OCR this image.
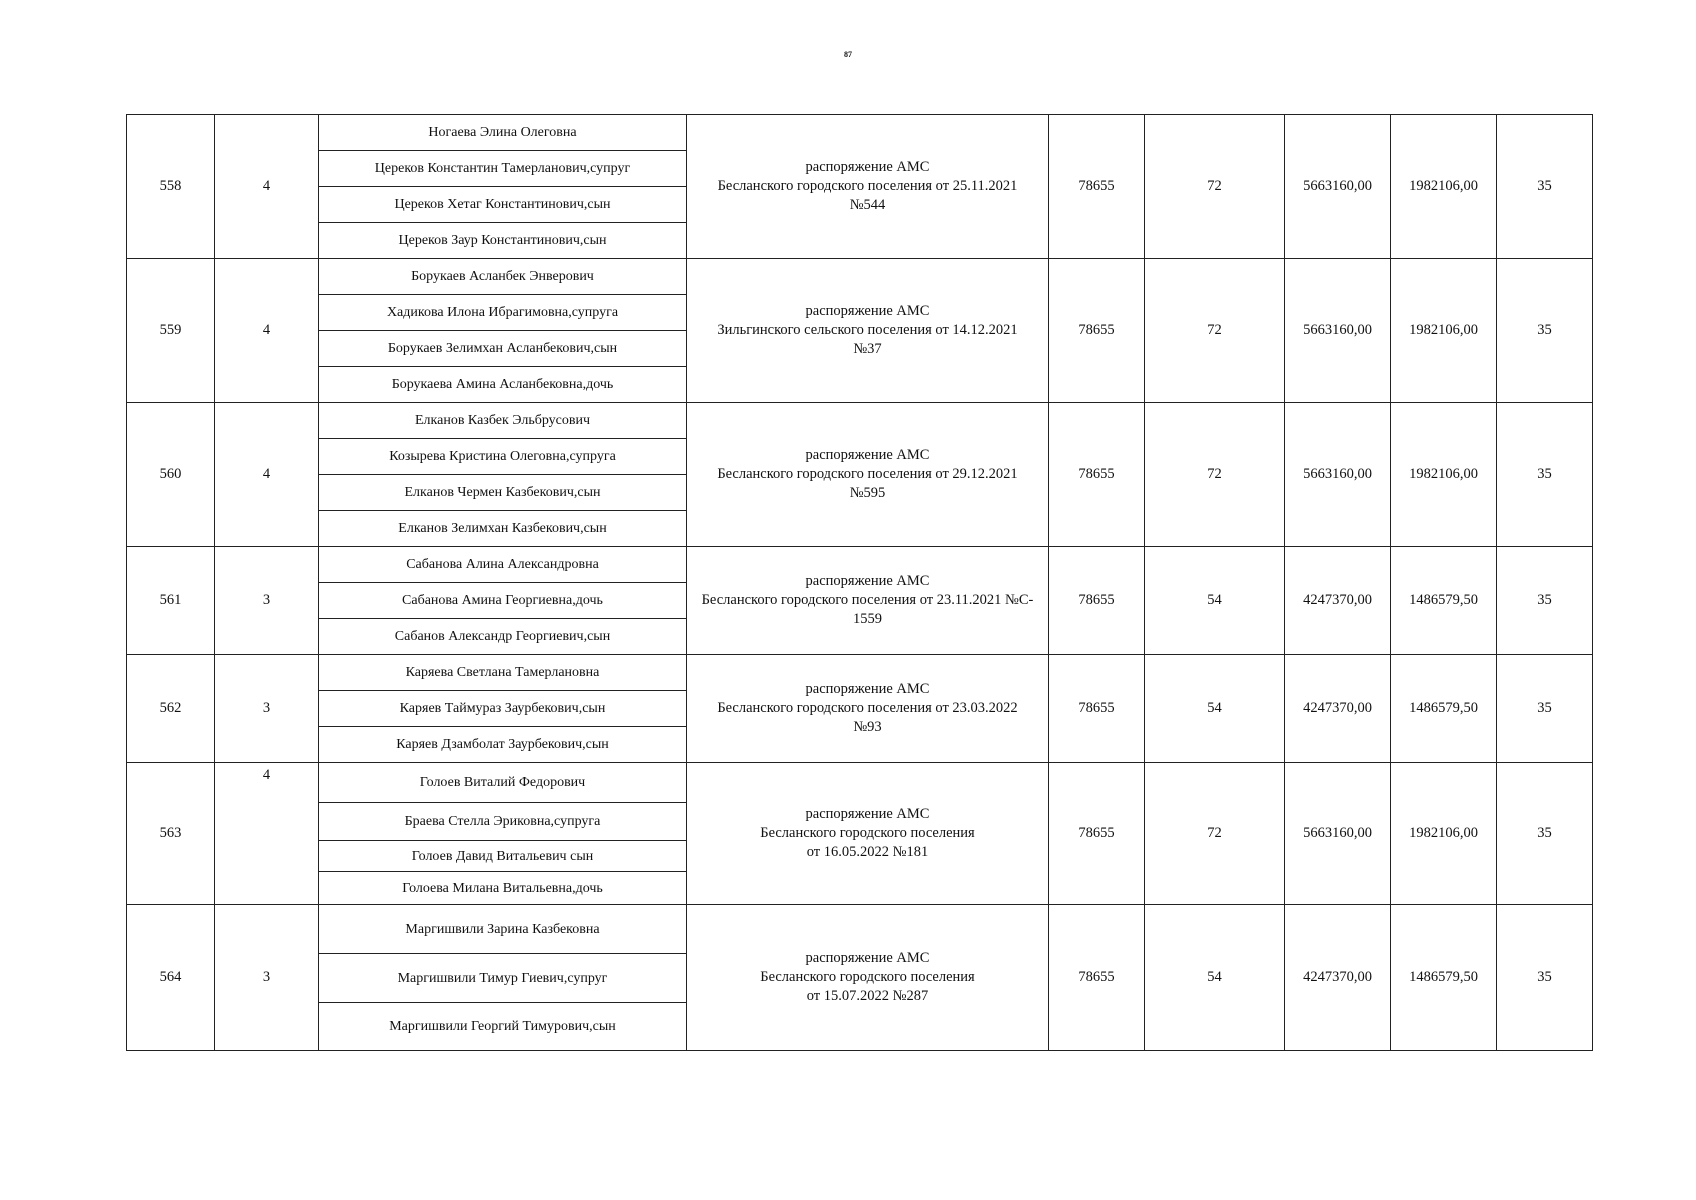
87
558	4	Ногаева Элина Олеговна	распоряжение АМС
Бесланского городского поселения от 25.11.2021
№544	78655	72	5663160,00	1982106,00	35
		Цереков Константин Тамерланович,супруг						
		Цереков Хетаг Константинович,сын						
		Цереков Заур Константинович,сын						
559	4	Борукаев Асланбек Энверович	распоряжение АМС
Зильгинского сельского поселения от 14.12.2021
№37	78655	72	5663160,00	1982106,00	35
		Хадикова Илона Ибрагимовна,супруга						
		Борукаев Зелимхан Асланбекович,сын						
		Борукаева Амина Асланбековна,дочь						
560	4	Елканов Казбек Эльбрусович	распоряжение АМС
Бесланского городского поселения от 29.12.2021
№595	78655	72	5663160,00	1982106,00	35
		Козырева Кристина Олеговна,супруга						
		Елканов Чермен Казбекович,сын						
		Елканов Зелимхан Казбекович,сын						
561	3	Сабанова Алина Александровна	распоряжение АМС
Бесланского городского поселения от 23.11.2021 №С-
1559	78655	54	4247370,00	1486579,50	35
		Сабанова Амина Георгиевна,дочь						
		Сабанов Александр Георгиевич,сын						
562	3	Каряева Светлана Тамерлановна	распоряжение АМС
Бесланского городского поселения от 23.03.2022
№93	78655	54	4247370,00	1486579,50	35
		Каряев Таймураз Заурбекович,сын						
		Каряев Дзамболат Заурбекович,сын						
563	4	Голоев Виталий Федорович	распоряжение АМС
Бесланского городского поселения
от 16.05.2022 №181	78655	72	5663160,00	1982106,00	35
		Браева Стелла Эриковна,супруга						
		Голоев Давид Витальевич сын						
		Голоева Милана Витальевна,дочь						
564	3	Маргишвили Зарина Казбековна	распоряжение АМС
Бесланского городского поселения
от 15.07.2022 №287	78655	54	4247370,00	1486579,50	35
		Маргишвили Тимур Гиевич,супруг						
		Маргишвили Георгий Тимурович,сын						
